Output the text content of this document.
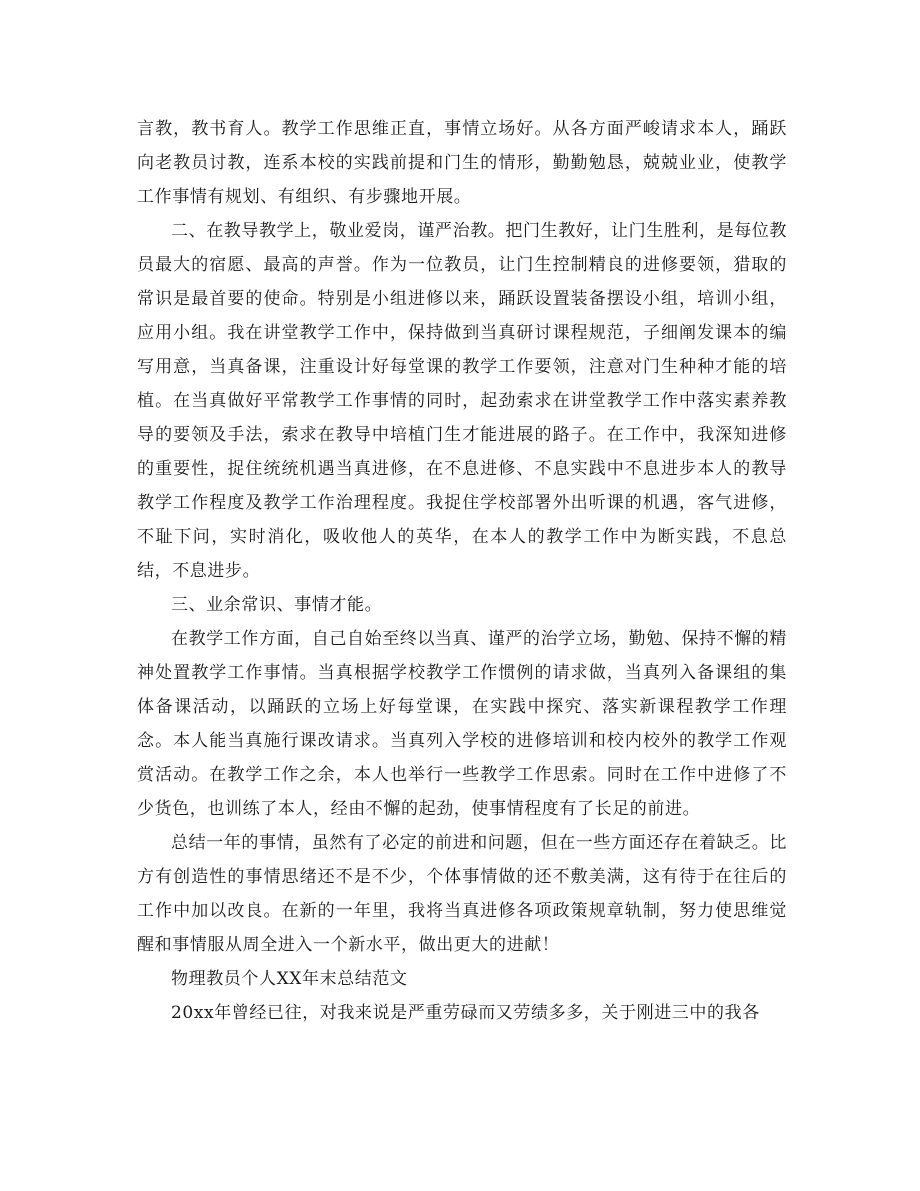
言教，教书育人。教学工作思维正直，事情立场好。从各方面严峻请求本人，踊跃向老教员讨教，连系本校的实践前提和门生的情形，勤勤勉恳，兢兢业业，使教学工作事情有规划、有组织、有步骤地开展。

二、在教导教学上，敬业爱岗，谨严治教。把门生教好，让门生胜利，是每位教员最大的宿愿、最高的声誉。作为一位教员，让门生控制精良的进修要领，猎取的常识是最首要的使命。特别是小组进修以来，踊跃设置装备摆设小组，培训小组，应用小组。我在讲堂教学工作中，保持做到当真研讨课程规范，子细阐发课本的编写用意，当真备课，注重设计好每堂课的教学工作要领，注意对门生种种才能的培植。在当真做好平常教学工作事情的同时，起劲索求在讲堂教学工作中落实素养教导的要领及手法，索求在教导中培植门生才能进展的路子。在工作中，我深知进修的重要性，捉住统统机遇当真进修，在不息进修、不息实践中不息进步本人的教导教学工作程度及教学工作治理程度。我捉住学校部署外出听课的机遇，客气进修，不耻下问，实时消化，吸收他人的英华，在本人的教学工作中为断实践，不息总结，不息进步。

三、业余常识、事情才能。

在教学工作方面，自己自始至终以当真、谨严的治学立场，勤勉、保持不懈的精神处置教学工作事情。当真根据学校教学工作惯例的请求做，当真列入备课组的集体备课活动，以踊跃的立场上好每堂课，在实践中探究、落实新课程教学工作理念。本人能当真施行课改请求。当真列入学校的进修培训和校内校外的教学工作观赏活动。在教学工作之余，本人也举行一些教学工作思索。同时在工作中进修了不少货色，也训练了本人，经由不懈的起劲，使事情程度有了长足的前进。

总结一年的事情，虽然有了必定的前进和问题，但在一些方面还存在着缺乏。比方有创造性的事情思绪还不是不少，个体事情做的还不敷美满，这有待于在往后的工作中加以改良。在新的一年里，我将当真进修各项政策规章轨制，努力使思维觉醒和事情服从周全进入一个新水平，做出更大的进献！

物理教员个人XX年末总结范文

20xx年曾经已往，对我来说是严重劳碌而又劳绩多多，关于刚进三中的我各
